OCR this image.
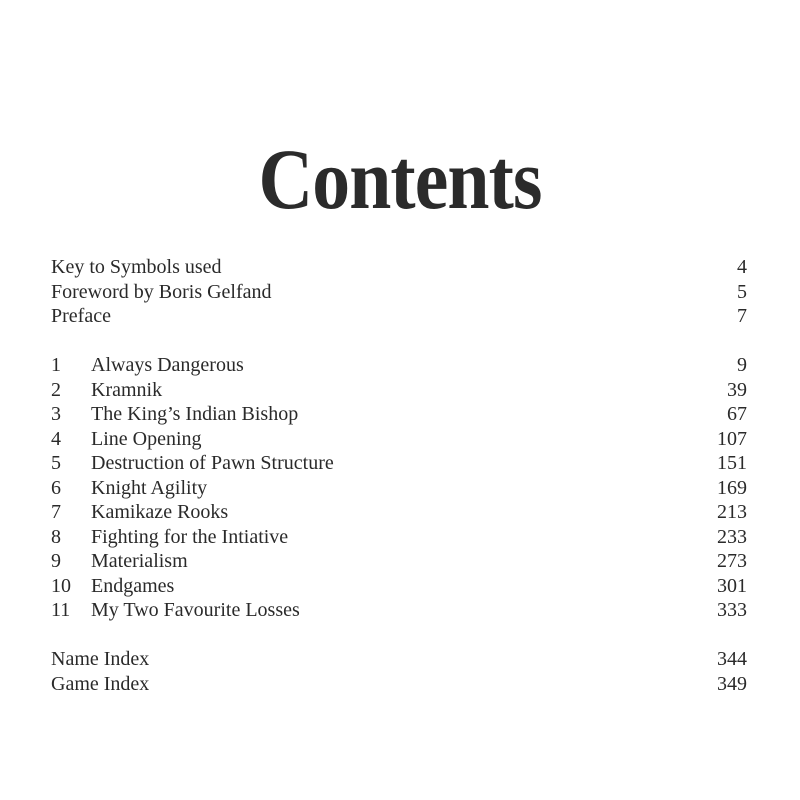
Contents
Key to Symbols used	4
Foreword by Boris Gelfand	5
Preface	7
1	Always Dangerous	9
2	Kramnik	39
3	The King’s Indian Bishop	67
4	Line Opening	107
5	Destruction of Pawn Structure	151
6	Knight Agility	169
7	Kamikaze Rooks	213
8	Fighting for the Intiative	233
9	Materialism	273
10	Endgames	301
11	My Two Favourite Losses	333
Name Index	344
Game Index	349
